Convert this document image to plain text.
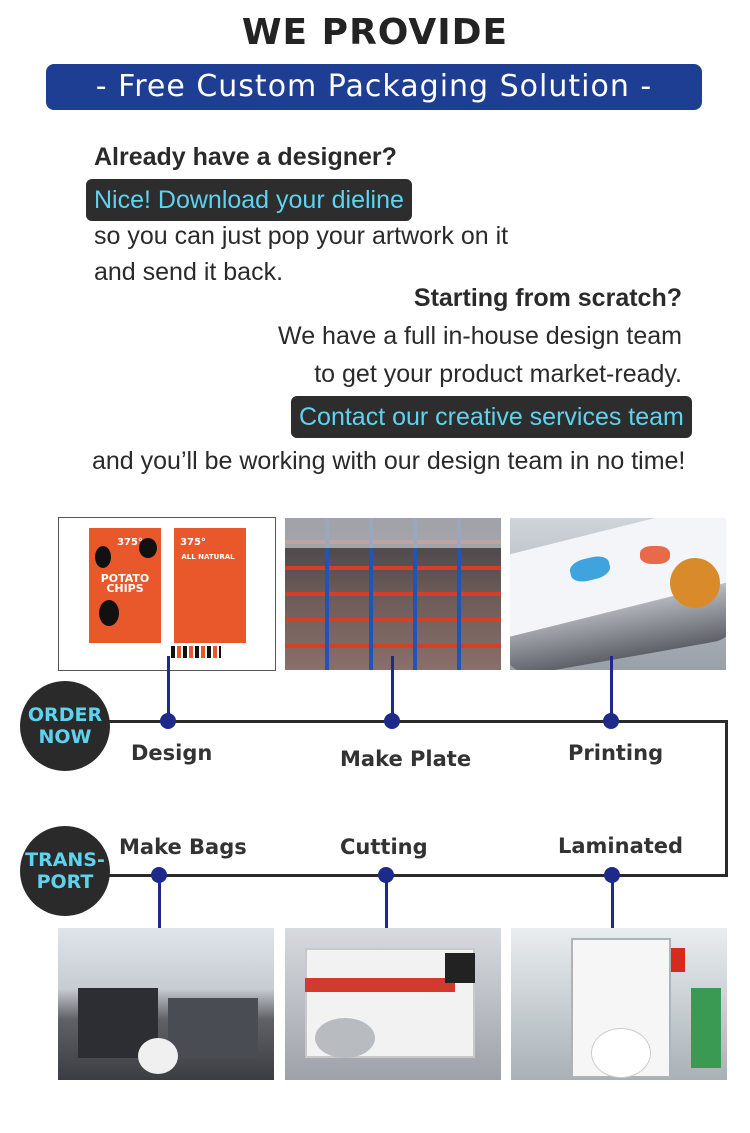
WE PROVIDE
- Free Custom Packaging Solution -
Already have a designer?
Nice! Download your dieline
so you can just pop your artwork on it
and send it back.
Starting from scratch?
We have a full in-house design team
to get your product market-ready.
Contact our creative services team
and you’ll be working with our design team in no time!
375°
POTATO CHIPS
375°
ALL NATURAL
ORDER
NOW
TRANS-
PORT
Design	Make Plate	Printing
Make Bags	Cutting	Laminated
